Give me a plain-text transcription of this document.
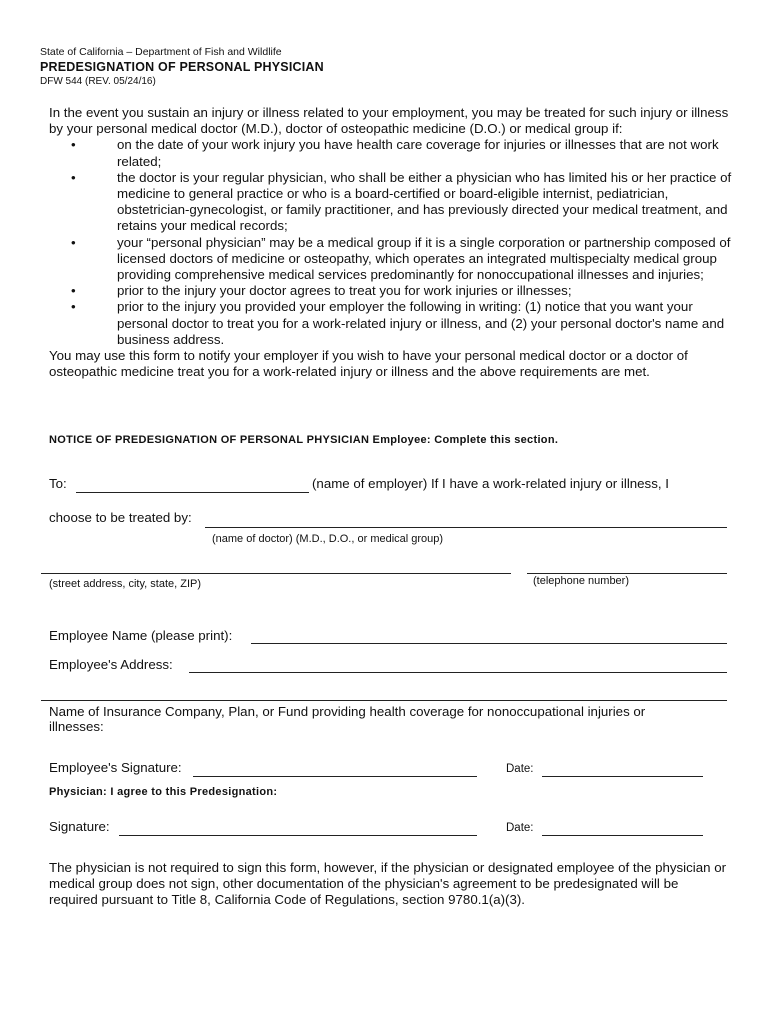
State of California – Department of Fish and Wildlife
PREDESIGNATION OF PERSONAL PHYSICIAN
DFW 544 (REV. 05/24/16)

In the event you sustain an injury or illness related to your employment, you may be treated for such injury or illness by your personal medical doctor (M.D.), doctor of osteopathic medicine (D.O.) or medical group if:

•	on the date of your work injury you have health care coverage for injuries or illnesses that are not work related;
•	the doctor is your regular physician, who shall be either a physician who has limited his or her practice of medicine to general practice or who is a board-certified or board-eligible internist, pediatrician, obstetrician-gynecologist, or family practitioner, and has previously directed your medical treatment, and retains your medical records;
•	your “personal physician” may be a medical group if it is a single corporation or partnership composed of licensed doctors of medicine or osteopathy, which operates an integrated multispecialty medical group providing comprehensive medical services predominantly for nonoccupational illnesses and injuries;
•	prior to the injury your doctor agrees to treat you for work injuries or illnesses;
•	prior to the injury you provided your employer the following in writing: (1) notice that you want your personal doctor to treat you for a work-related injury or illness, and (2) your personal doctor's name and business address.

You may use this form to notify your employer if you wish to have your personal medical doctor or a doctor of osteopathic medicine treat you for a work-related injury or illness and the above requirements are met.

NOTICE OF PREDESIGNATION OF PERSONAL PHYSICIAN Employee: Complete this section.
To:	(name of employer) If I have a work-related injury or illness, I
choose to be treated by:
(name of doctor) (M.D., D.O., or medical group)
(street address, city, state, ZIP)	(telephone number)
Employee Name (please print):
Employee's Address:
Name of Insurance Company, Plan, or Fund providing health coverage for nonoccupational injuries or illnesses:
Employee's Signature:	Date:
Physician: I agree to this Predesignation:
Signature:	Date:
The physician is not required to sign this form, however, if the physician or designated employee of the physician or medical group does not sign, other documentation of the physician's agreement to be predesignated will be required pursuant to Title 8, California Code of Regulations, section 9780.1(a)(3).
